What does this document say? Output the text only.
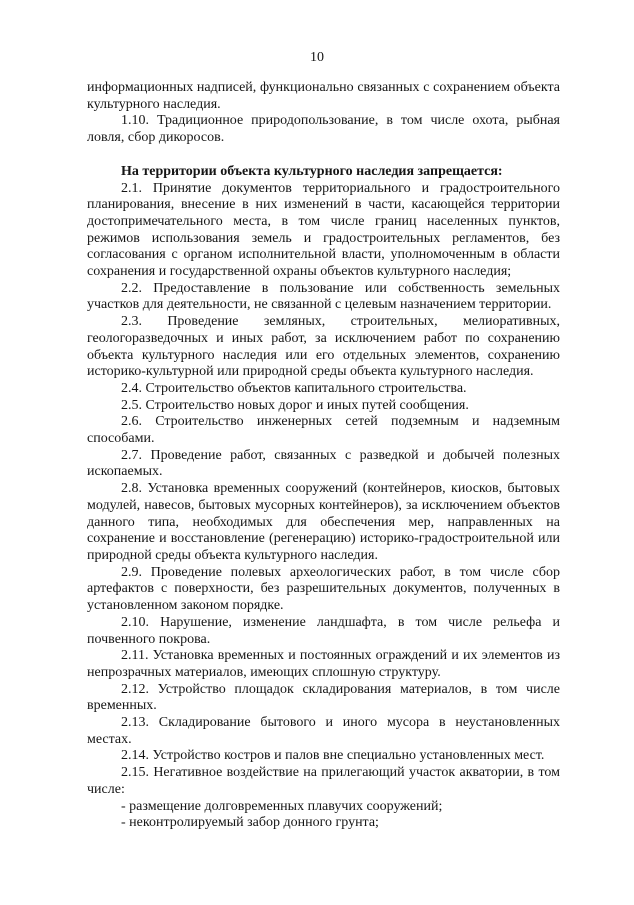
10

информационных надписей, функционально связанных с сохранением объекта культурного наследия.

1.10. Традиционное природопользование, в том числе охота, рыбная ловля, сбор дикоросов.

На территории объекта культурного наследия запрещается:

2.1. Принятие документов территориального и градостроительного планирования, внесение в них изменений в части, касающейся территории достопримечательного места, в том числе границ населенных пунктов, режимов использования земель и градостроительных регламентов, без согласования с органом исполнительной власти, уполномоченным в области сохранения и государственной охраны объектов культурного наследия;

2.2. Предоставление в пользование или собственность земельных участков для деятельности, не связанной с целевым назначением территории.

2.3. Проведение земляных, строительных, мелиоративных, геологоразведочных и иных работ, за исключением работ по сохранению объекта культурного наследия или его отдельных элементов, сохранению историко-культурной или природной среды объекта культурного наследия.

2.4. Строительство объектов капитального строительства.

2.5. Строительство новых дорог и иных путей сообщения.

2.6. Строительство инженерных сетей подземным и надземным способами.

2.7. Проведение работ, связанных с разведкой и добычей полезных ископаемых.

2.8. Установка временных сооружений (контейнеров, киосков, бытовых модулей, навесов, бытовых мусорных контейнеров), за исключением объектов данного типа, необходимых для обеспечения мер, направленных на сохранение и восстановление (регенерацию) историко-градостроительной или природной среды объекта культурного наследия.

2.9. Проведение полевых археологических работ, в том числе сбор артефактов с поверхности, без разрешительных документов, полученных в установленном законом порядке.

2.10. Нарушение, изменение ландшафта, в том числе рельефа и почвенного покрова.

2.11. Установка временных и постоянных ограждений и их элементов из непрозрачных материалов, имеющих сплошную структуру.

2.12. Устройство площадок складирования материалов, в том числе временных.

2.13. Складирование бытового и иного мусора в неустановленных местах.

2.14. Устройство костров и палов вне специально установленных мест.

2.15. Негативное воздействие на прилегающий участок акватории, в том числе:

- размещение долговременных плавучих сооружений;

- неконтролируемый забор донного грунта;
